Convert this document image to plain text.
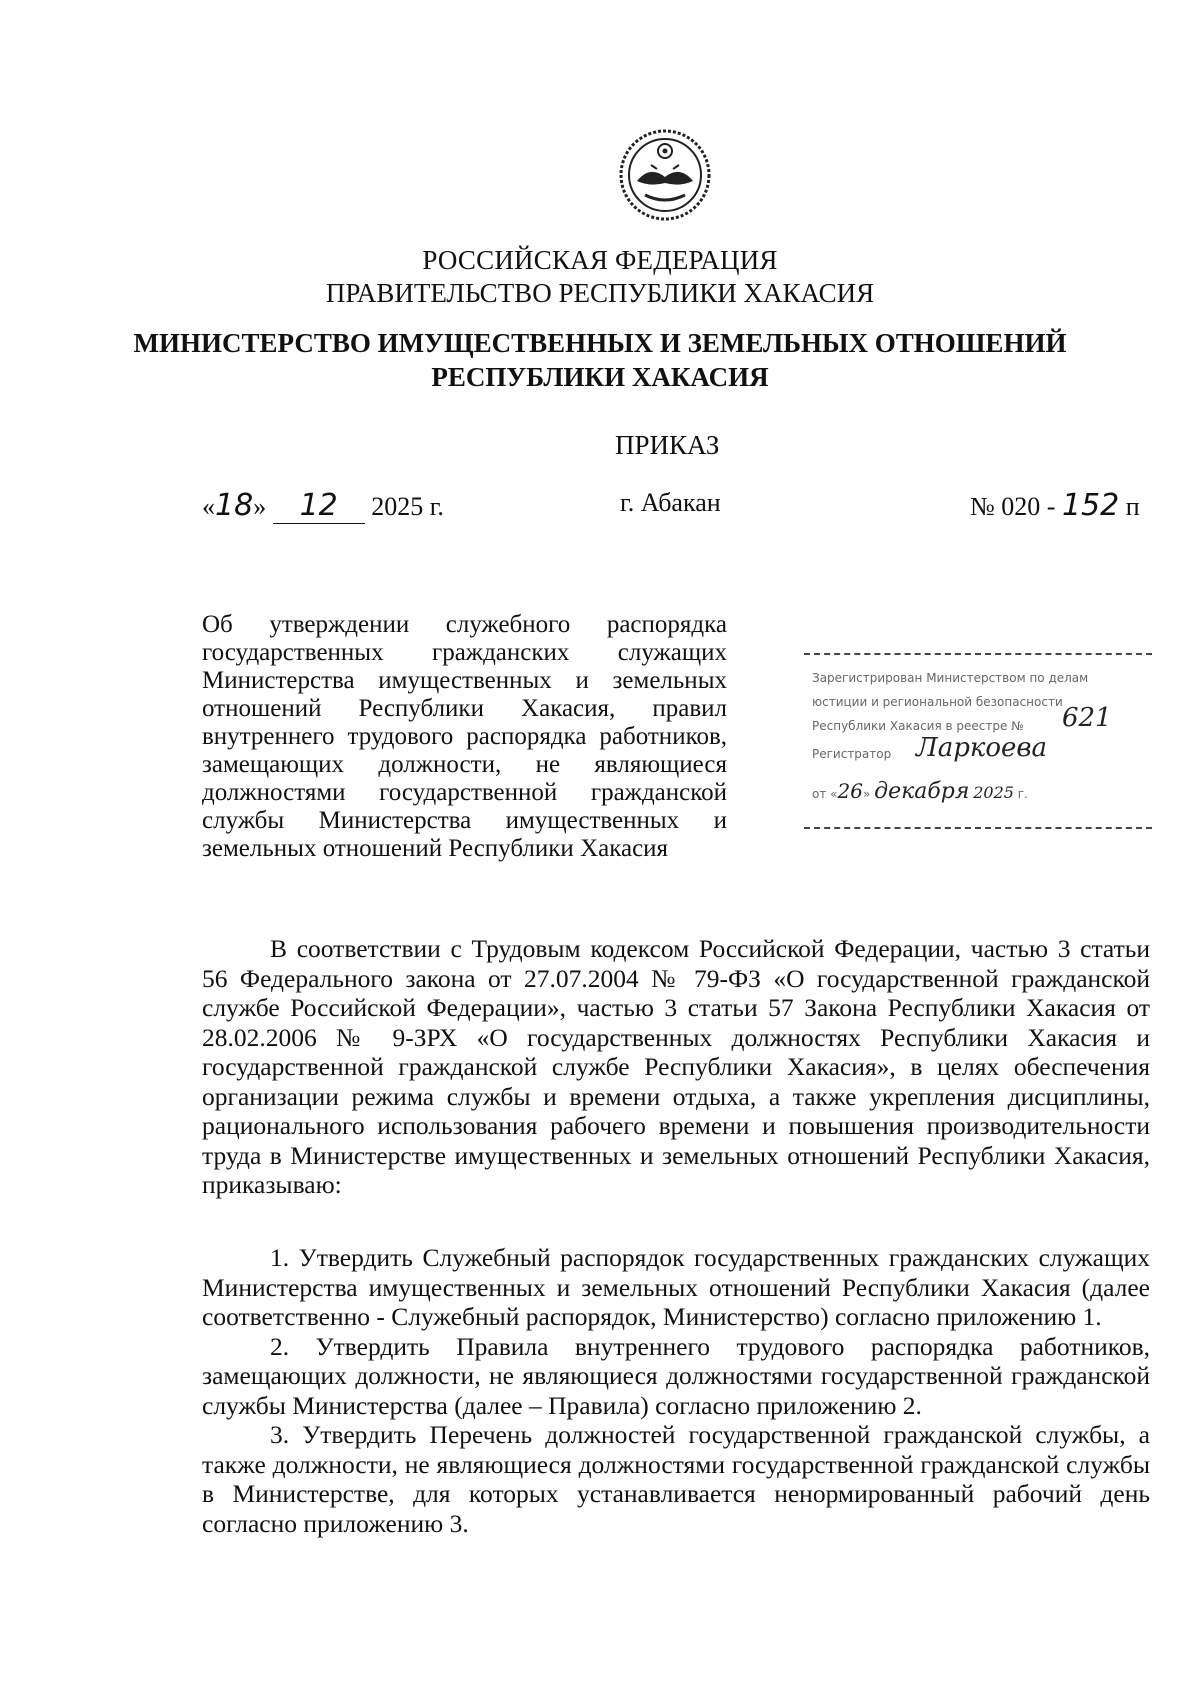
РОССИЙСКАЯ ФЕДЕРАЦИЯ
ПРАВИТЕЛЬСТВО РЕСПУБЛИКИ ХАКАСИЯ
МИНИСТЕРСТВО ИМУЩЕСТВЕННЫХ И ЗЕМЕЛЬНЫХ ОТНОШЕНИЙ
РЕСПУБЛИКИ ХАКАСИЯ
ПРИКАЗ
«18» 12 2025 г.	г. Абакан	№ 020 - 152 п
Об утверждении служебного распорядка государственных гражданских служащих Министерства имущественных и земельных отношений Республики Хакасия, правил внутреннего трудового распорядка работников, замещающих должности, не являющиеся должностями государственной гражданской службы Министерства имущественных и земельных отношений Республики Хакасия
Зарегистрирован Министерством по делам
юстиции и региональной безопасности
Республики Хакасия в реестре № 621
Регистратор Ларкоева
от «26» декабря 2025 г.

В соответствии с Трудовым кодексом Российской Федерации, частью 3 статьи 56 Федерального закона от 27.07.2004 № 79-ФЗ «О государственной гражданской службе Российской Федерации», частью 3 статьи 57 Закона Республики Хакасия от 28.02.2006 № 9-ЗРХ «О государственных должностях Республики Хакасия и государственной гражданской службе Республики Хакасия», в целях обеспечения организации режима службы и времени отдыха, а также укрепления дисциплины, рационального использования рабочего времени и повышения производительности труда в Министерстве имущественных и земельных отношений Республики Хакасия, приказываю:

1. Утвердить Служебный распорядок государственных гражданских служащих Министерства имущественных и земельных отношений Республики Хакасия (далее соответственно - Служебный распорядок, Министерство) согласно приложению 1.

2. Утвердить Правила внутреннего трудового распорядка работников, замещающих должности, не являющиеся должностями государственной гражданской службы Министерства (далее – Правила) согласно приложению 2.

3. Утвердить Перечень должностей государственной гражданской службы, а также должности, не являющиеся должностями государственной гражданской службы в Министерстве, для которых устанавливается ненормированный рабочий день согласно приложению 3.
